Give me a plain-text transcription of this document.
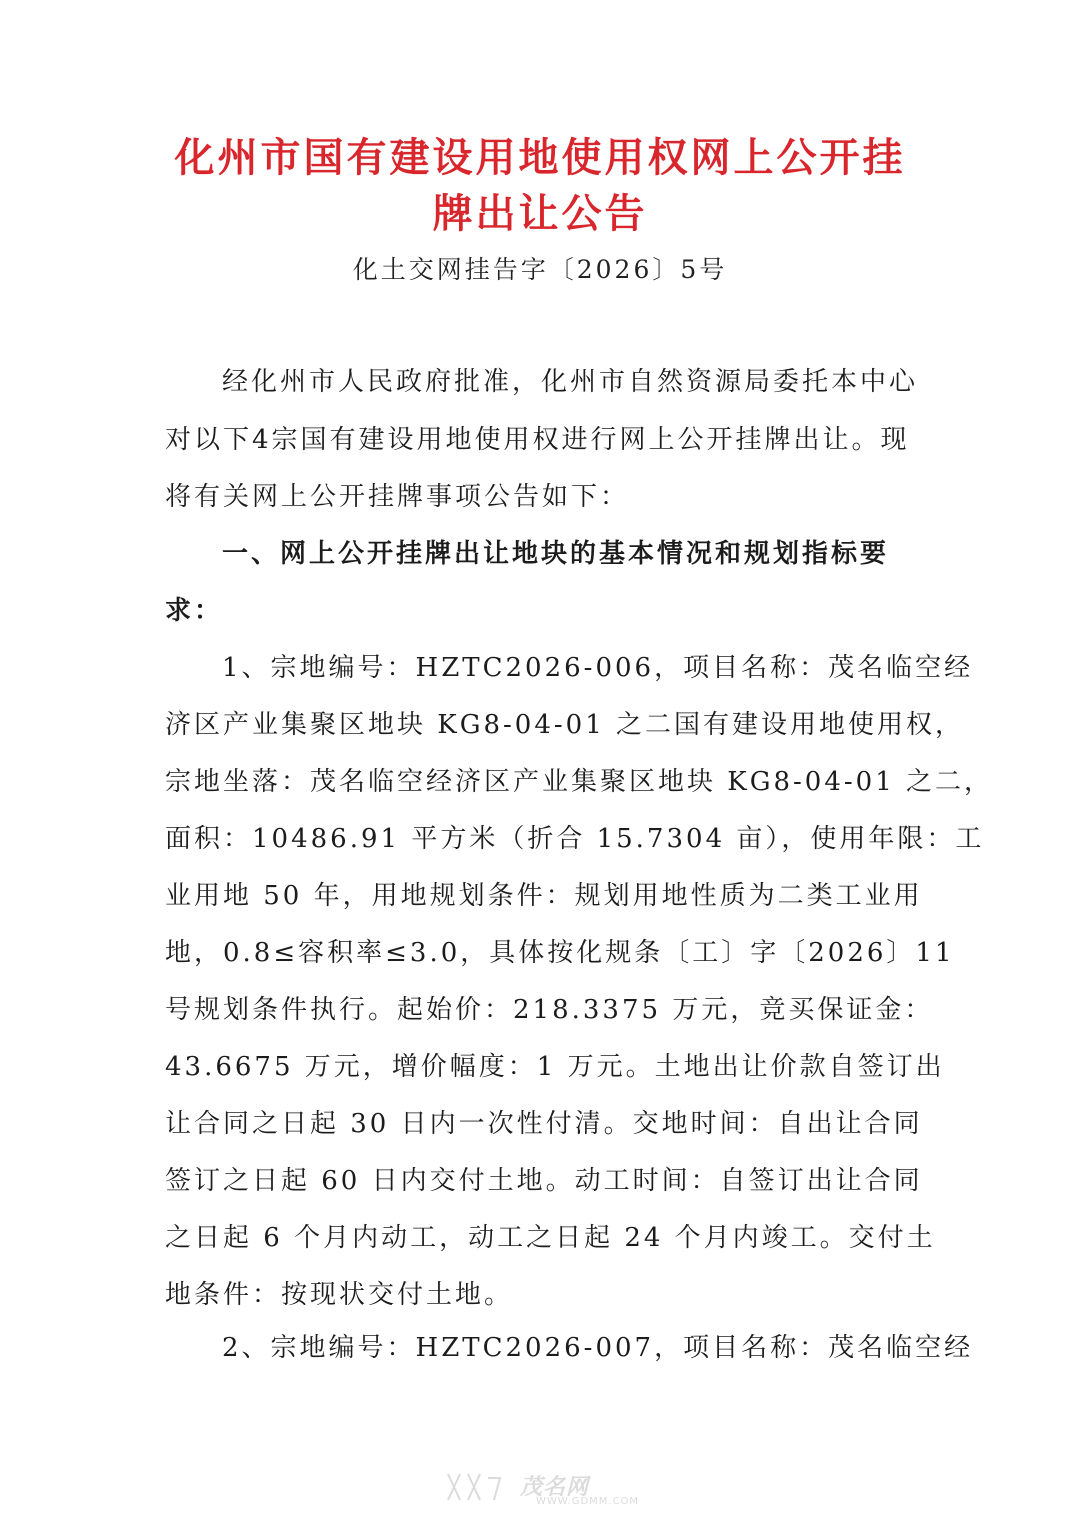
化州市国有建设用地使用权网上公开挂
牌出让公告
化土交网挂告字〔2026〕5号
经化州市人民政府批准，化州市自然资源局委托本中心
对以下4宗国有建设用地使用权进行网上公开挂牌出让。现
将有关网上公开挂牌事项公告如下：
一、网上公开挂牌出让地块的基本情况和规划指标要
求：
1、宗地编号：HZTC2026-006，项目名称：茂名临空经
济区产业集聚区地块 KG8-04-01 之二国有建设用地使用权，
宗地坐落：茂名临空经济区产业集聚区地块 KG8-04-01 之二，
面积：10486.91 平方米（折合 15.7304 亩），使用年限：工
业用地 50 年，用地规划条件：规划用地性质为二类工业用
地，0.8≤容积率≤3.0，具体按化规条〔工〕字〔2026〕11
号规划条件执行。起始价：218.3375 万元，竞买保证金：
43.6675 万元，增价幅度：1 万元。土地出让价款自签订出
让合同之日起 30 日内一次性付清。交地时间：自出让合同
签订之日起 60 日内交付土地。动工时间：自签订出让合同
之日起 6 个月内动工，动工之日起 24 个月内竣工。交付土
地条件：按现状交付土地。
2、宗地编号：HZTC2026-007，项目名称：茂名临空经
茂名网
WWW.GDMM.COM
